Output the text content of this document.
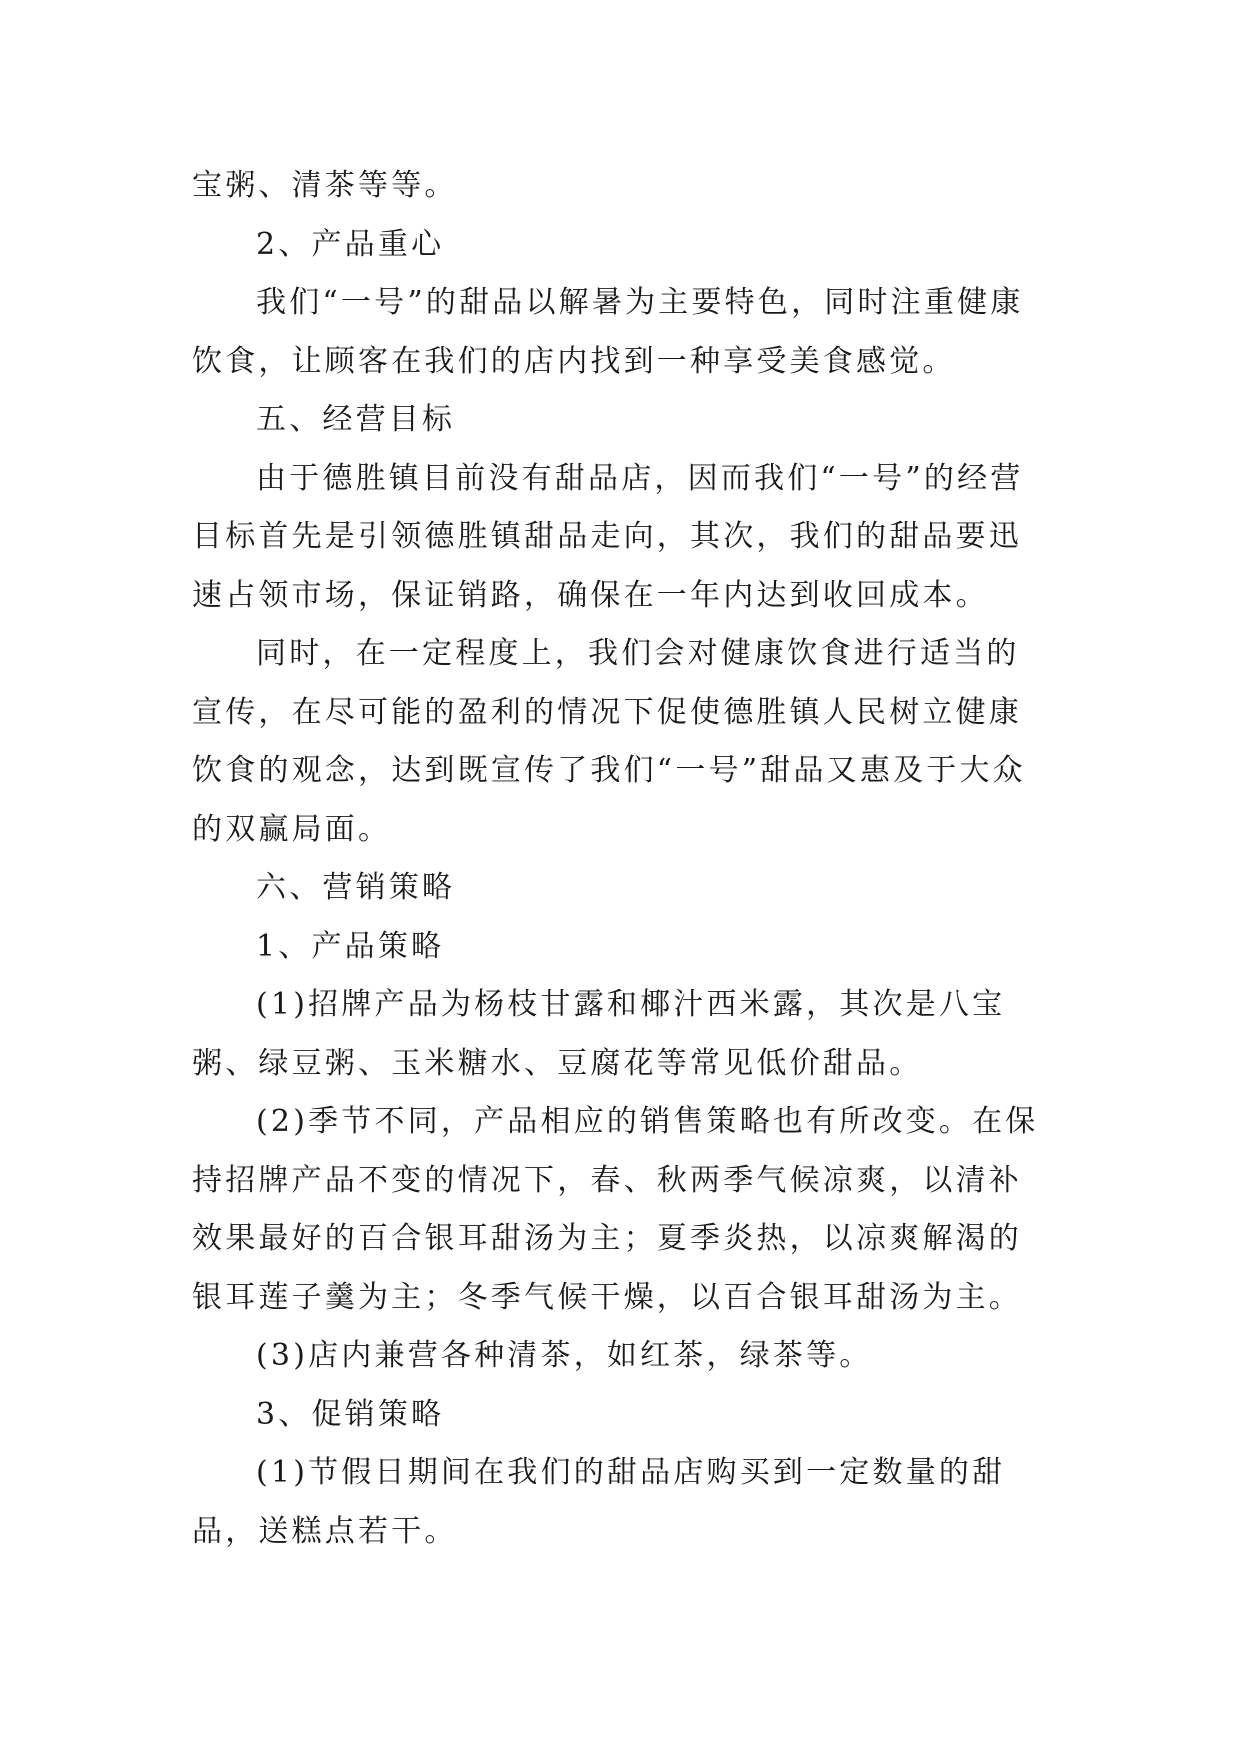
宝粥、清茶等等。

2、产品重心

我们“一号”的甜品以解暑为主要特色，同时注重健康饮食，让顾客在我们的店内找到一种享受美食感觉。

五、经营目标

由于德胜镇目前没有甜品店，因而我们“一号”的经营目标首先是引领德胜镇甜品走向，其次，我们的甜品要迅速占领市场，保证销路，确保在一年内达到收回成本。

同时，在一定程度上，我们会对健康饮食进行适当的宣传，在尽可能的盈利的情况下促使德胜镇人民树立健康饮食的观念，达到既宣传了我们“一号”甜品又惠及于大众的双赢局面。

六、营销策略

1、产品策略

(1)招牌产品为杨枝甘露和椰汁西米露，其次是八宝粥、绿豆粥、玉米糖水、豆腐花等常见低价甜品。

(2)季节不同，产品相应的销售策略也有所改变。在保持招牌产品不变的情况下，春、秋两季气候凉爽，以清补效果最好的百合银耳甜汤为主；夏季炎热，以凉爽解渴的银耳莲子羹为主；冬季气候干燥，以百合银耳甜汤为主。

(3)店内兼营各种清茶，如红茶，绿茶等。

3、促销策略

(1)节假日期间在我们的甜品店购买到一定数量的甜品，送糕点若干。
